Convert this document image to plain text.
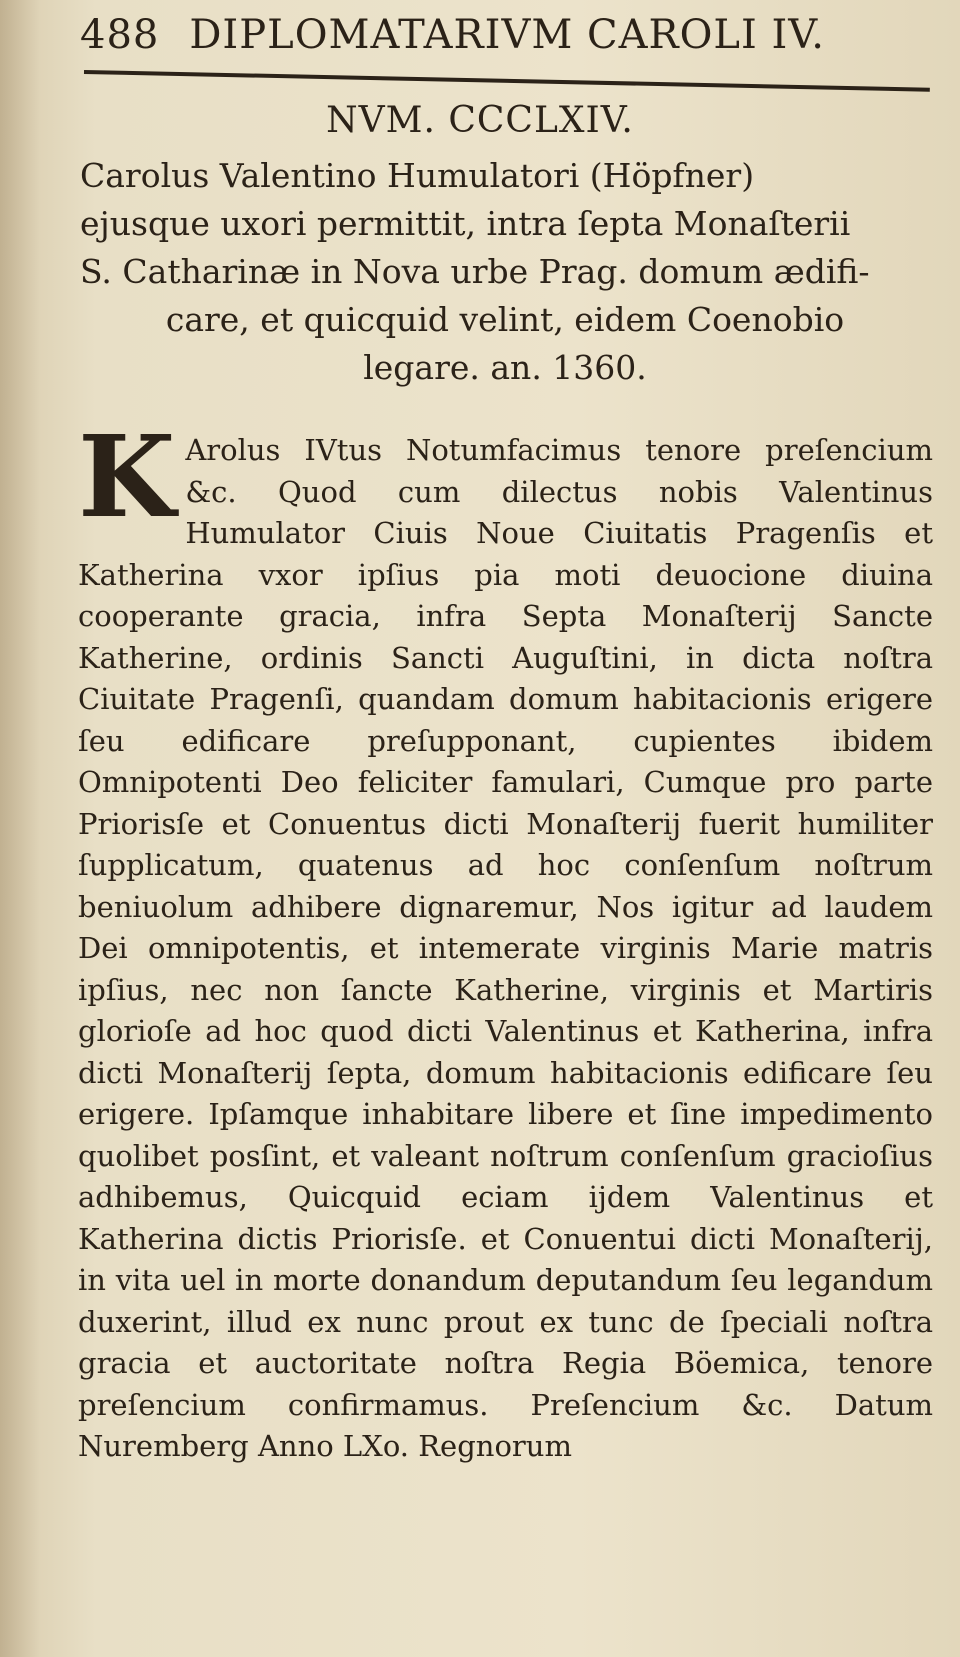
488 DIPLOMATARIVM CAROLI IV.
NVM. CCCLXIV.

Carolus Valentino Humulatori (Höpfner)

ejusque uxori permittit, intra ſepta Monaſterii

S. Catharinæ in Nova urbe Prag. domum ædifi-

care, et quicquid velint, eidem Coenobio

legare. an. 1360.

K Arolus IVtus Notumfacimus tenore preſencium &c. Quod cum dilectus nobis Valentinus Humulator Ciuis Noue Ciuitatis Pragenſis et Katherina vxor ipſius pia moti deuocione diuina cooperante gracia, infra Septa Monaſterij Sancte Katherine, ordinis Sancti Auguſtini, in dicta noſtra Ciuitate Pragenſi, quandam domum habitacionis erigere ſeu edificare preſupponant, cupientes ibidem Omnipotenti Deo feliciter famulari, Cumque pro parte Priorisſe et Conuentus dicti Monaſterij fuerit humiliter ſupplicatum, quatenus ad hoc conſenſum noſtrum beniuolum adhibere dignaremur, Nos igitur ad laudem Dei omnipotentis, et intemerate virginis Marie matris ipſius, nec non ſancte Katherine, virginis et Martiris glorioſe ad hoc quod dicti Valentinus et Katherina, infra dicti Monaſterij ſepta, domum habitacionis edificare ſeu erigere. Ipſamque inhabitare libere et ſine impedimento quolibet posſint, et valeant noſtrum conſenſum gracioſius adhibemus, Quicquid eciam ijdem Valentinus et Katherina dictis Priorisſe. et Conuentui dicti Monaſterij, in vita uel in morte donandum deputandum ſeu legandum duxerint, illud ex nunc prout ex tunc de ſpeciali noſtra gracia et auctoritate noſtra Regia Böemica, tenore preſencium confirmamus. Preſencium &c. Datum Nuremberg Anno LXo. Regnorum
